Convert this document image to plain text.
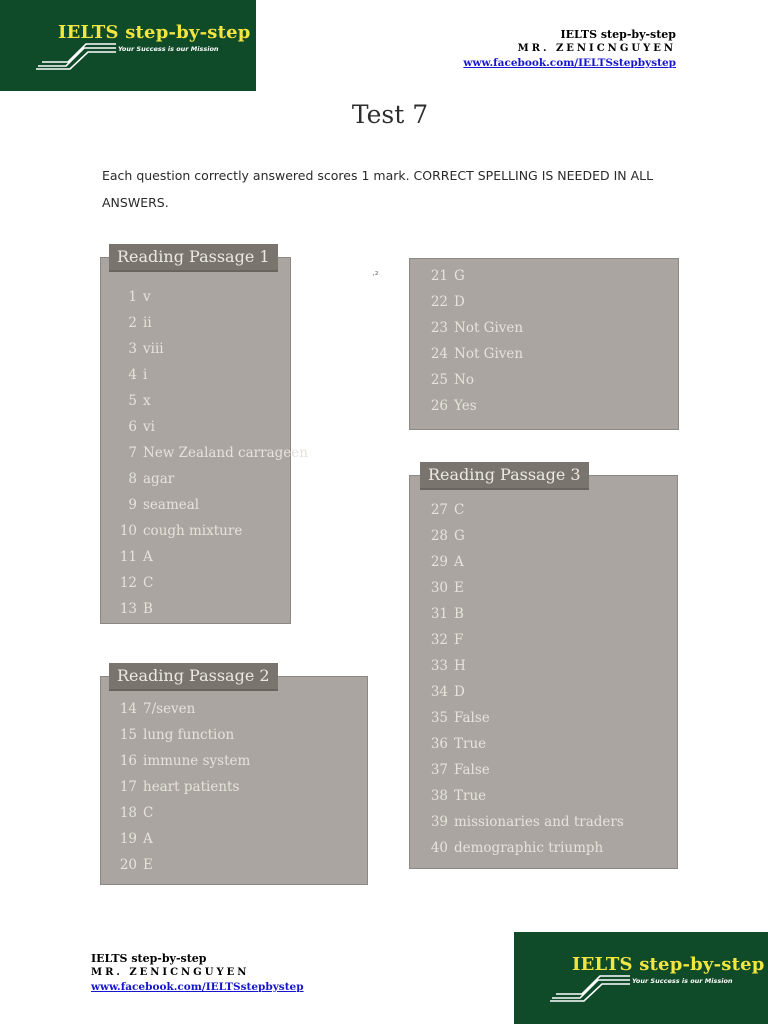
IELTS step-by-step
Your Success is our Mission
IELTS step-by-step
MR. ZENICNGUYEN
www.facebook.com/IELTSstepbystep
Test 7
Each question correctly answered scores 1 mark. CORRECT SPELLING IS NEEDED IN ALL ANSWERS.
·²
Reading Passage 1
1 v
2 ii
3 viii
4 i
5 x
6 vi
7 New Zealand carrageen
8 agar
9 seameal
10 cough mixture
11 A
12 C
13 B
Reading Passage 2
14 7/seven
15 lung function
16 immune system
17 heart patients
18 C
19 A
20 E
21 G
22 D
23 Not Given
24 Not Given
25 No
26 Yes
Reading Passage 3
27 C
28 G
29 A
30 E
31 B
32 F
33 H
34 D
35 False
36 True
37 False
38 True
39 missionaries and traders
40 demographic triumph
IELTS step-by-step
MR. ZENICNGUYEN
www.facebook.com/IELTSstepbystep
IELTS step-by-step
Your Success is our Mission
